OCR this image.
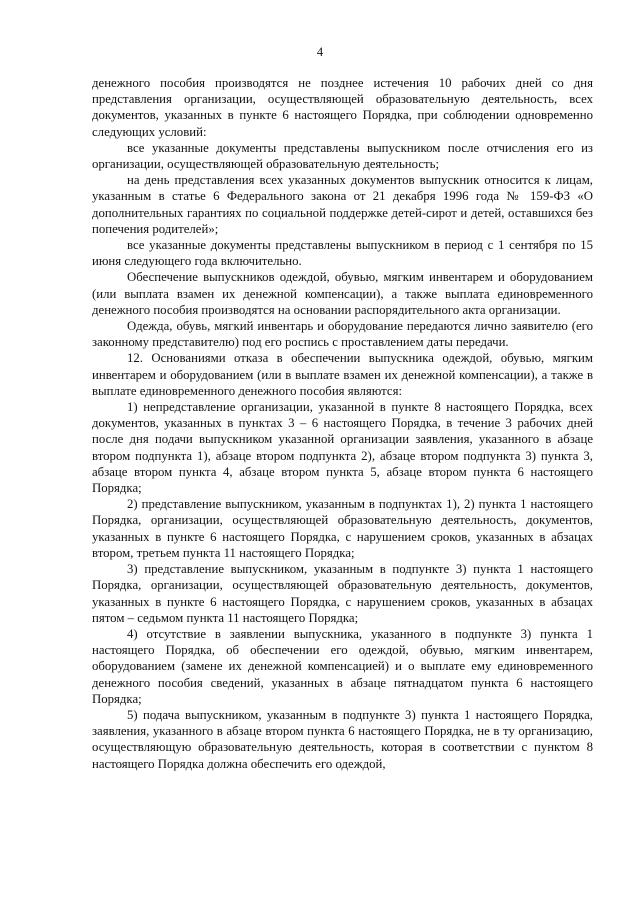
4

денежного пособия производятся не позднее истечения 10 рабочих дней со дня представления организации, осуществляющей образовательную деятельность, всех документов, указанных в пункте 6 настоящего Порядка, при соблюдении одновременно следующих условий:

все указанные документы представлены выпускником после отчисления его из организации, осуществляющей образовательную деятельность;

на день представления всех указанных документов выпускник относится к лицам, указанным в статье 6 Федерального закона от 21 декабря 1996 года № 159-ФЗ «О дополнительных гарантиях по социальной поддержке детей-сирот и детей, оставшихся без попечения родителей»;

все указанные документы представлены выпускником в период с 1 сентября по 15 июня следующего года включительно.

Обеспечение выпускников одеждой, обувью, мягким инвентарем и оборудованием (или выплата взамен их денежной компенсации), а также выплата единовременного денежного пособия производятся на основании распорядительного акта организации.

Одежда, обувь, мягкий инвентарь и оборудование передаются лично заявителю (его законному представителю) под его роспись с проставлением даты передачи.

12. Основаниями отказа в обеспечении выпускника одеждой, обувью, мягким инвентарем и оборудованием (или в выплате взамен их денежной компенсации), а также в выплате единовременного денежного пособия являются:

1) непредставление организации, указанной в пункте 8 настоящего Порядка, всех документов, указанных в пунктах 3 – 6 настоящего Порядка, в течение 3 рабочих дней после дня подачи выпускником указанной организации заявления, указанного в абзаце втором подпункта 1), абзаце втором подпункта 2), абзаце втором подпункта 3) пункта 3, абзаце втором пункта 4, абзаце втором пункта 5, абзаце втором пункта 6 настоящего Порядка;

2) представление выпускником, указанным в подпунктах 1), 2) пункта 1 настоящего Порядка, организации, осуществляющей образовательную деятельность, документов, указанных в пункте 6 настоящего Порядка, с нарушением сроков, указанных в абзацах втором, третьем пункта 11 настоящего Порядка;

3) представление выпускником, указанным в подпункте 3) пункта 1 настоящего Порядка, организации, осуществляющей образовательную деятельность, документов, указанных в пункте 6 настоящего Порядка, с нарушением сроков, указанных в абзацах пятом – седьмом пункта 11 настоящего Порядка;

4) отсутствие в заявлении выпускника, указанного в подпункте 3) пункта 1 настоящего Порядка, об обеспечении его одеждой, обувью, мягким инвентарем, оборудованием (замене их денежной компенсацией) и о выплате ему единовременного денежного пособия сведений, указанных в абзаце пятнадцатом пункта 6 настоящего Порядка;

5) подача выпускником, указанным в подпункте 3) пункта 1 настоящего Порядка, заявления, указанного в абзаце втором пункта 6 настоящего Порядка, не в ту организацию, осуществляющую образовательную деятельность, которая в соответствии с пунктом 8 настоящего Порядка должна обеспечить его одеждой,
